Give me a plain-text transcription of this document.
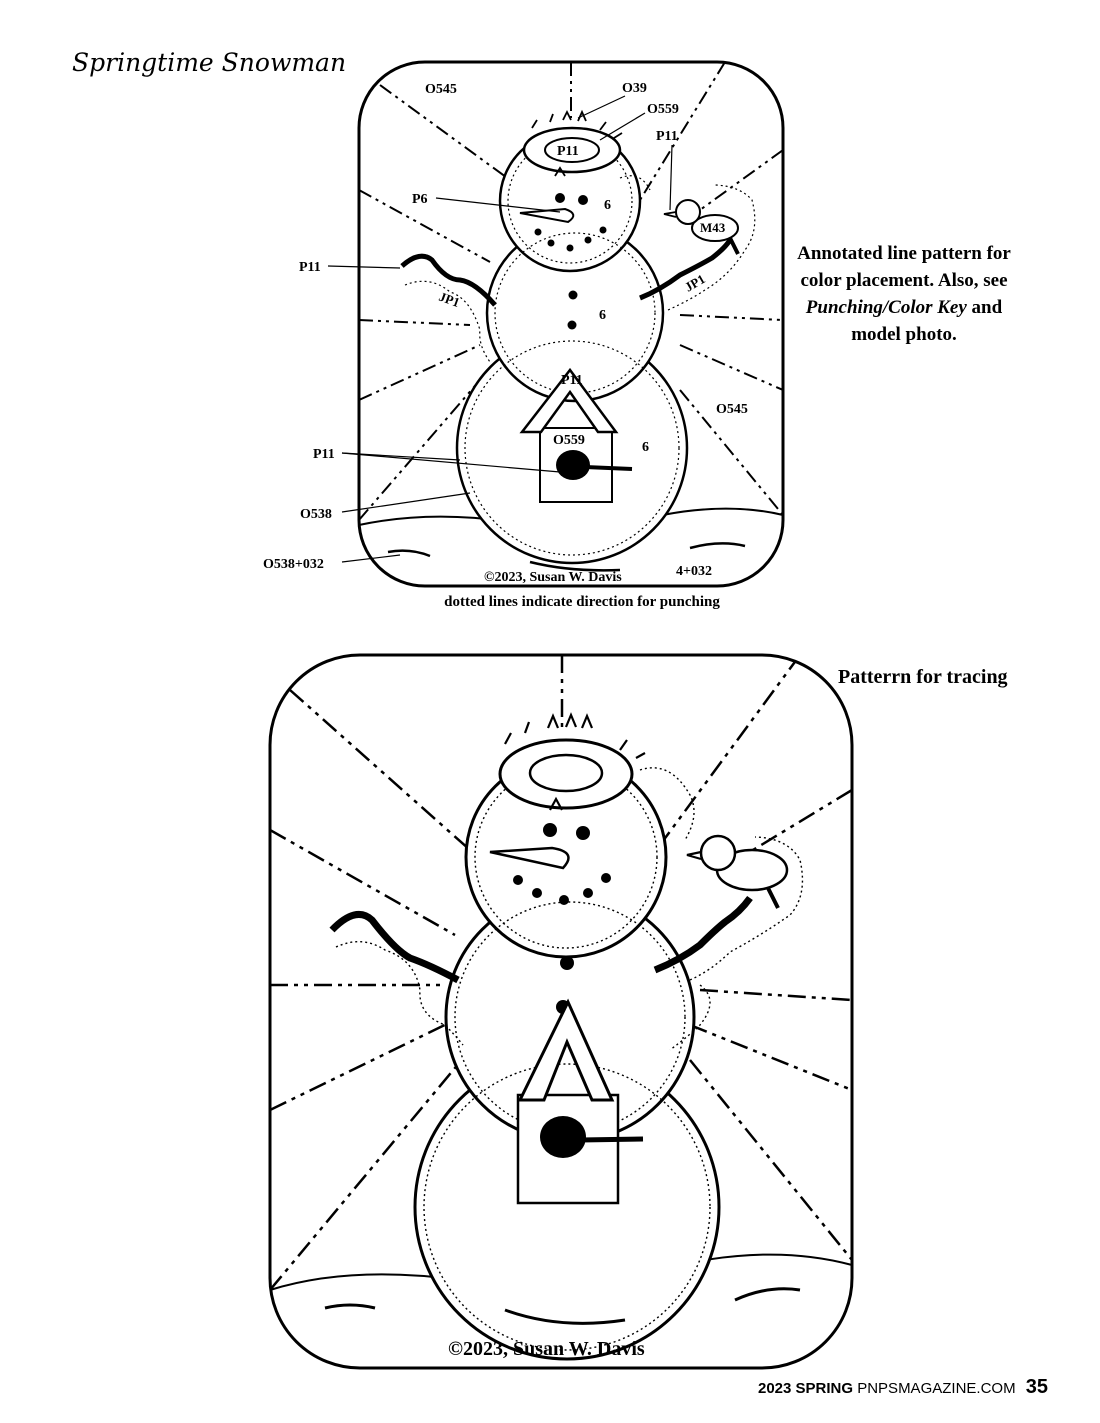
Springtime Snowman
O545	O39
O559
P11
P11
P6	6
M43
P11
JP1
JP1
6
P11
O545
O559	6
P11
O538
O538+032
©2023, Susan W. Davis	4+032
Annotated line pattern for
color placement. Also, see
Punching/Color Key and
model photo.
dotted lines indicate direction for punching
Patterrn for tracing
©2023, Susan W. Davis
2023 SPRING PNPSMAGAZINE.COM 35
